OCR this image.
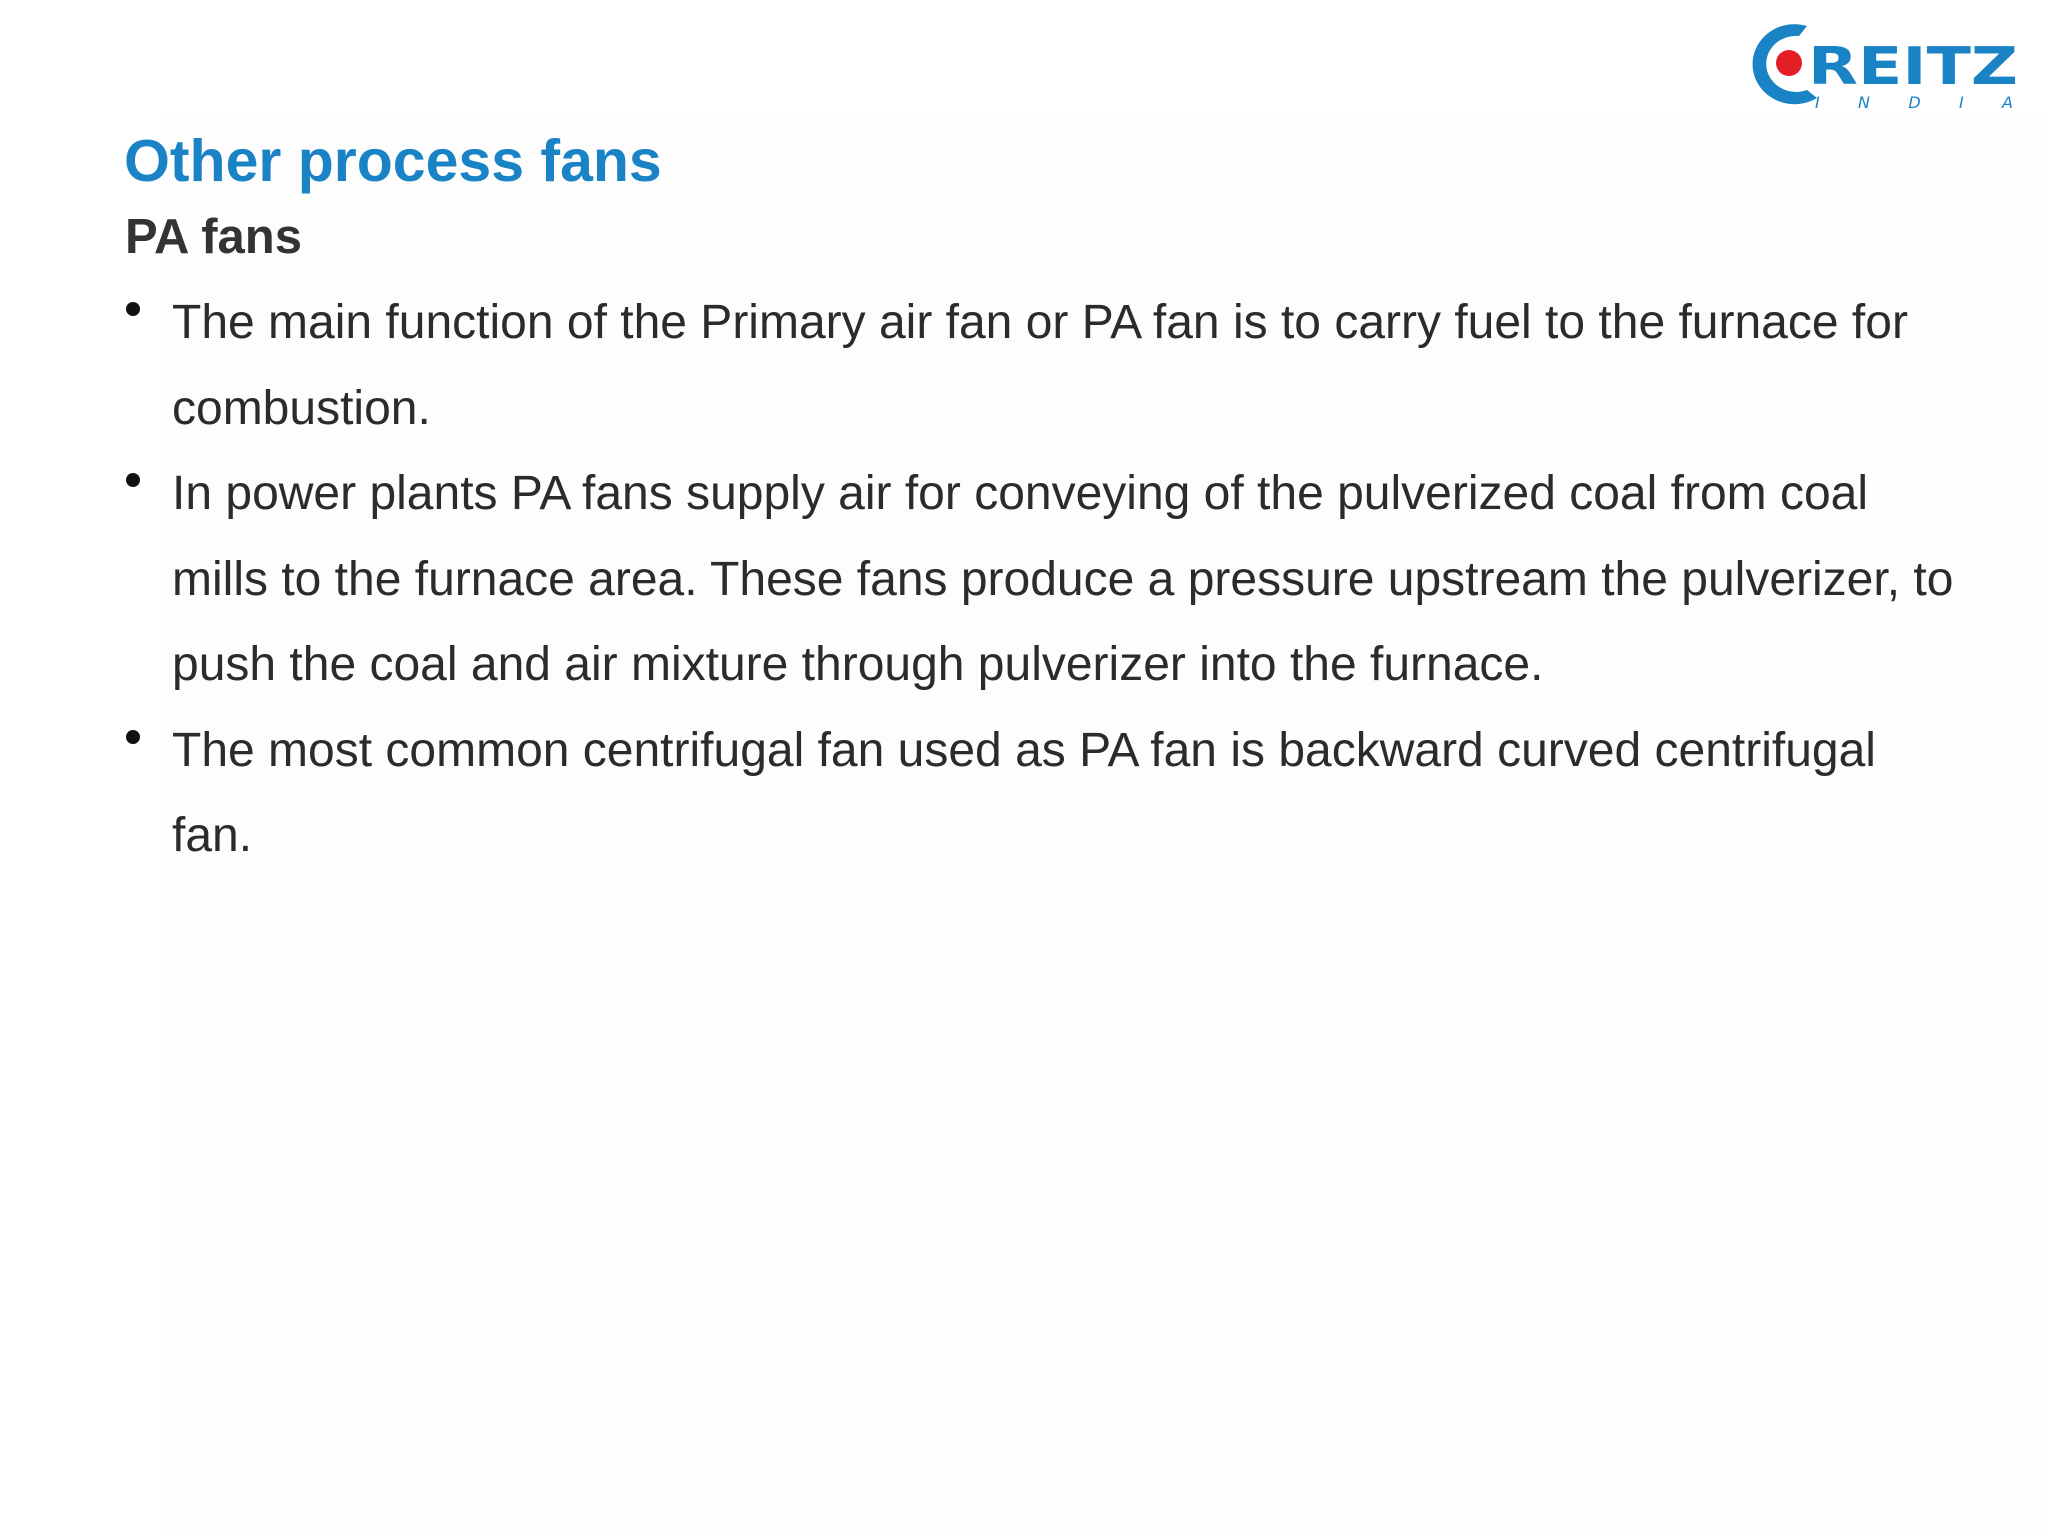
REITZ
I N D I A
Other process fans
PA fans
The main function of the Primary air fan or PA fan is to carry fuel to the furnace for combustion.
In power plants PA fans supply air for conveying of the pulverized coal from coal mills to the furnace area. These fans produce a pressure upstream the pulverizer, to push the coal and air mixture through pulverizer into the furnace.
The most common centrifugal fan used as PA fan is backward curved centrifugal fan.
